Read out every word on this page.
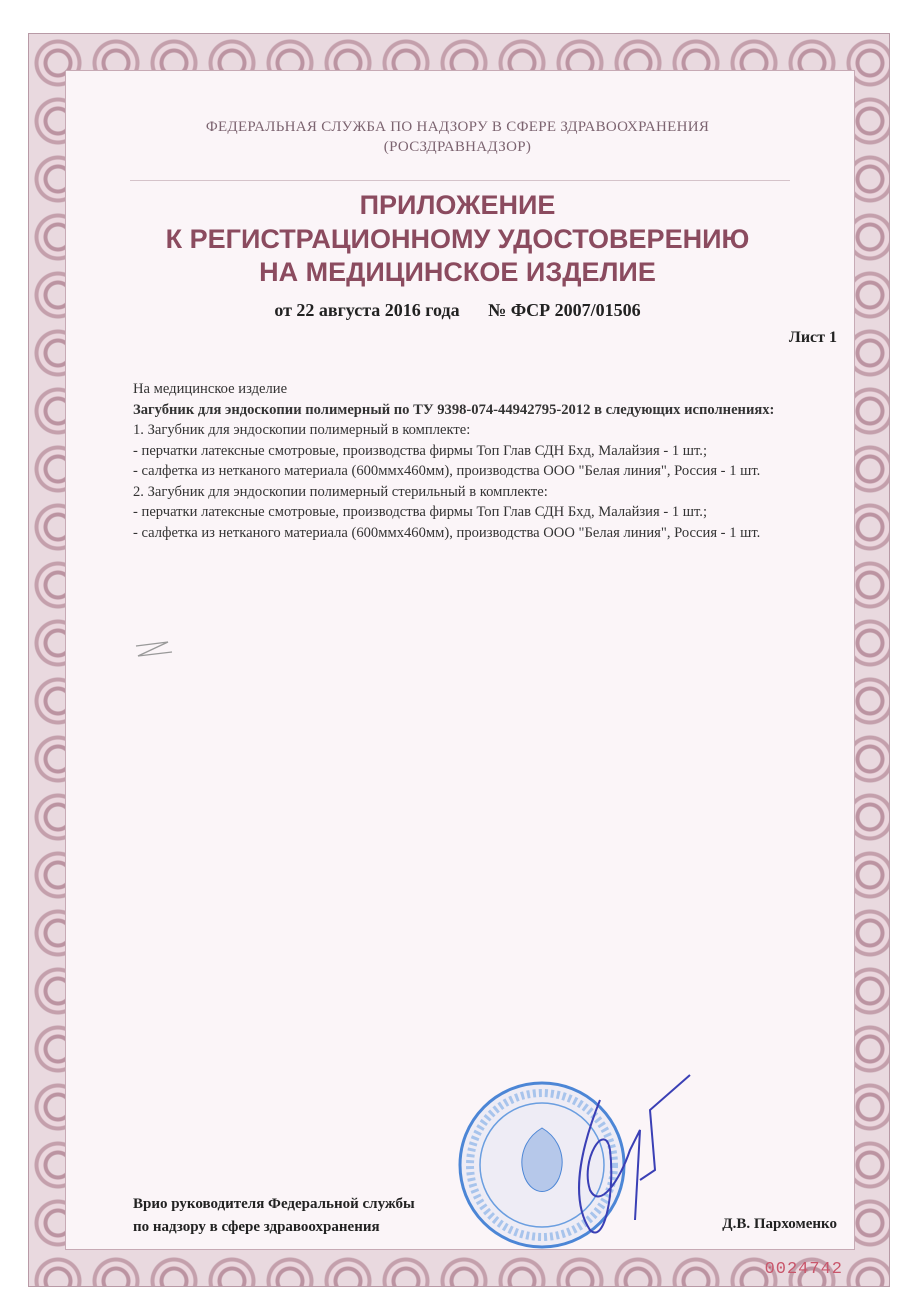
ФЕДЕРАЛЬНАЯ СЛУЖБА ПО НАДЗОРУ В СФЕРЕ ЗДРАВООХРАНЕНИЯ
(РОСЗДРАВНАДЗОР)
ПРИЛОЖЕНИЕ
К РЕГИСТРАЦИОННОМУ УДОСТОВЕРЕНИЮ
НА МЕДИЦИНСКОЕ ИЗДЕЛИЕ
от 22 августа 2016 года № ФСР 2007/01506
Лист 1
На медицинское изделие
Загубник для эндоскопии полимерный по ТУ 9398-074-44942795-2012 в следующих исполнениях:
1. Загубник для эндоскопии полимерный в комплекте:
- перчатки латексные смотровые, производства фирмы Топ Глав СДН Бхд, Малайзия - 1 шт.;
- салфетка из нетканого материала (600ммх460мм), производства ООО "Белая линия", Россия - 1 шт.
2. Загубник для эндоскопии полимерный стерильный в комплекте:
- перчатки латексные смотровые, производства фирмы Топ Глав СДН Бхд, Малайзия - 1 шт.;
- салфетка из нетканого материала (600ммх460мм), производства ООО "Белая линия", Россия - 1 шт.
Врио руководителя Федеральной службы
по надзору в сфере здравоохранения	Д.В. Пархоменко
0024742
